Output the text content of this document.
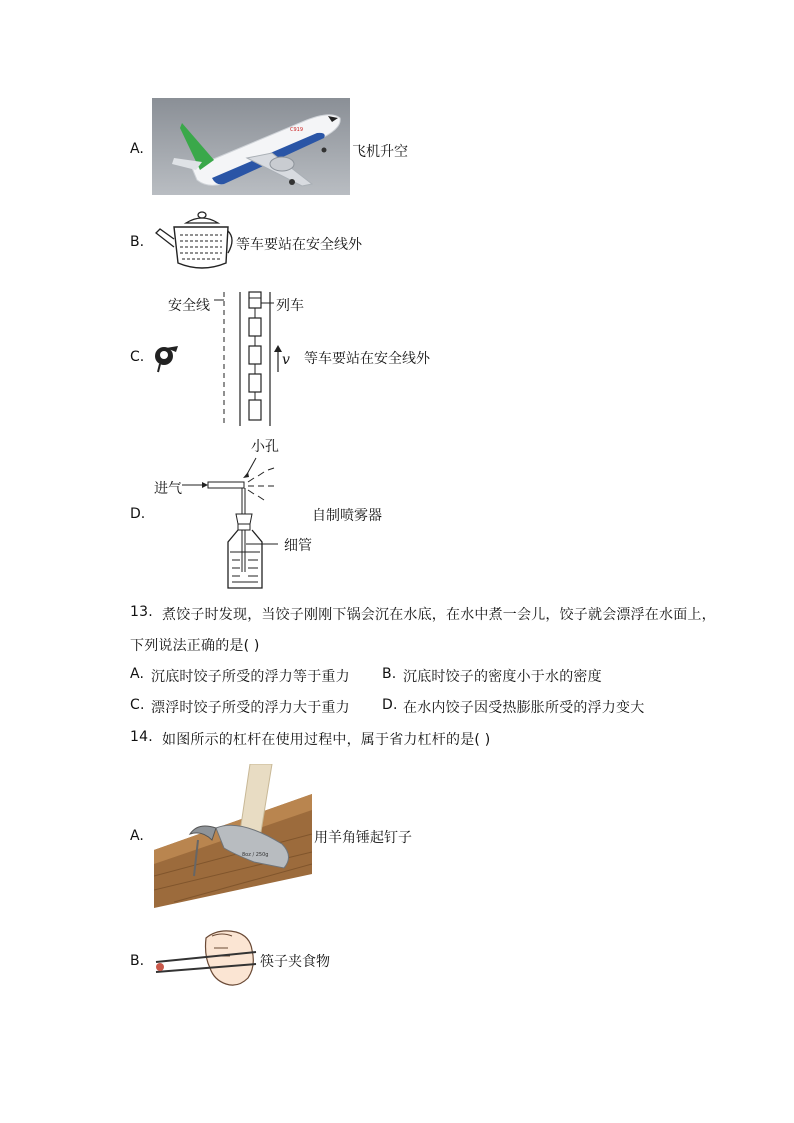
A.
C919
飞机升空
B.	等车要站在安全线外
C.
安全线	列车
v 等车要站在安全线外
小孔
进气
D.	自制喷雾器
细管
13. 煮饺子时发现，当饺子刚刚下锅会沉在水底，在水中煮一会儿，饺子就会漂浮在水面上，
下列说法正确的是( )
A. 沉底时饺子所受的浮力等于重力 B. 沉底时饺子的密度小于水的密度
C. 漂浮时饺子所受的浮力大于重力 D. 在水内饺子因受热膨胀所受的浮力变大
14. 如图所示的杠杆在使用过程中，属于省力杠杆的是( )
A.
8oz / 250g
用羊角锤起钉子
B.	筷子夹食物
